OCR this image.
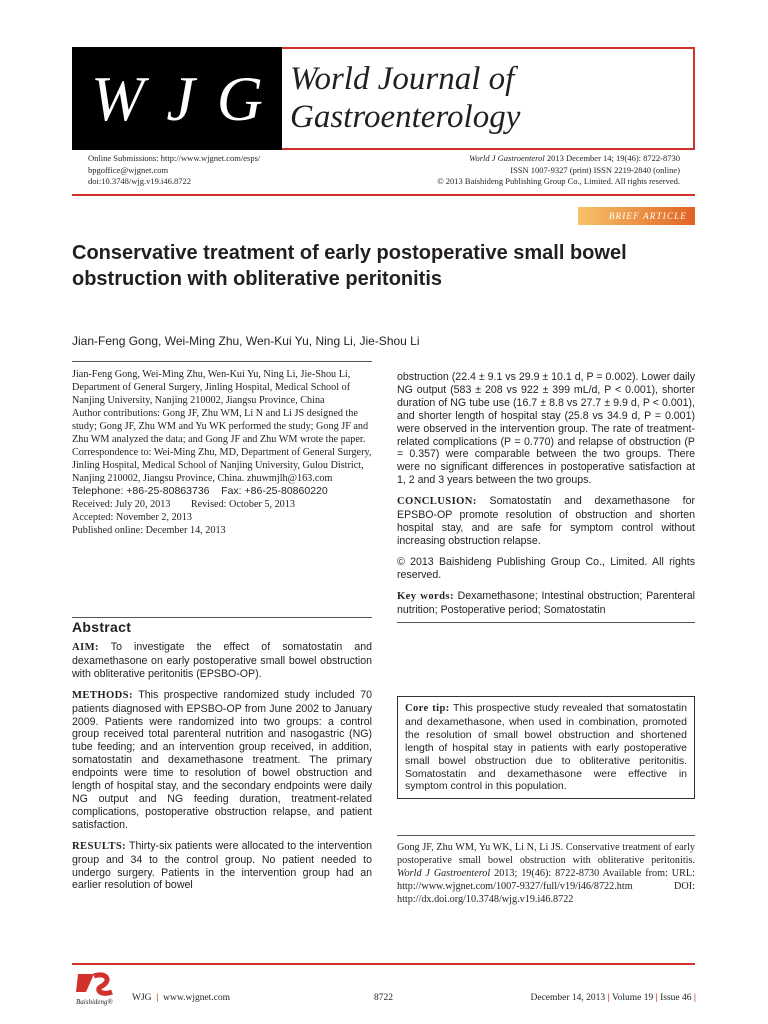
W J G World Journal of
Gastroenterology
Online Submissions: http://www.wjgnet.com/esps/
bpgoffice@wjgnet.com
doi:10.3748/wjg.v19.i46.8722
World J Gastroenterol 2013 December 14; 19(46): 8722-8730
ISSN 1007-9327 (print) ISSN 2219-2840 (online)
© 2013 Baishideng Publishing Group Co., Limited. All rights reserved.
BRIEF ARTICLE
Conservative treatment of early postoperative small bowel obstruction with obliterative peritonitis
Jian-Feng Gong, Wei-Ming Zhu, Wen-Kui Yu, Ning Li, Jie-Shou Li

Jian-Feng Gong, Wei-Ming Zhu, Wen-Kui Yu, Ning Li, Jie-Shou Li, Department of General Surgery, Jinling Hospital, Medical School of Nanjing University, Nanjing 210002, Jiangsu Province, China

Author contributions: Gong JF, Zhu WM, Li N and Li JS designed the study; Gong JF, Zhu WM and Yu WK performed the study; Gong JF and Zhu WM analyzed the data; and Gong JF and Zhu WM wrote the paper.

Correspondence to: Wei-Ming Zhu, MD, Department of General Surgery, Jinling Hospital, Medical School of Nanjing University, Gulou District, Nanjing 210002, Jiangsu Province, China. zhuwmjlh@163.com

Telephone: +86-25-80863736 Fax: +86-25-80860220

Received: July 20, 2013 Revised: October 5, 2013

Accepted: November 2, 2013

Published online: December 14, 2013

Abstract

AIM: To investigate the effect of somatostatin and dexamethasone on early postoperative small bowel obstruction with obliterative peritonitis (EPSBO-OP).

METHODS: This prospective randomized study included 70 patients diagnosed with EPSBO-OP from June 2002 to January 2009. Patients were randomized into two groups: a control group received total parenteral nutrition and nasogastric (NG) tube feeding; and an intervention group received, in addition, somatostatin and dexamethasone treatment. The primary endpoints were time to resolution of bowel obstruction and length of hospital stay, and the secondary endpoints were daily NG output and NG feeding duration, treatment-related complications, postoperative obstruction relapse, and patient satisfaction.

RESULTS: Thirty-six patients were allocated to the intervention group and 34 to the control group. No patient needed to undergo surgery. Patients in the intervention group had an earlier resolution of bowel

obstruction (22.4 ± 9.1 vs 29.9 ± 10.1 d, P = 0.002). Lower daily NG output (583 ± 208 vs 922 ± 399 mL/d, P < 0.001), shorter duration of NG tube use (16.7 ± 8.8 vs 27.7 ± 9.9 d, P < 0.001), and shorter length of hospital stay (25.8 vs 34.9 d, P = 0.001) were observed in the intervention group. The rate of treatment-related complications (P = 0.770) and relapse of obstruction (P = 0.357) were comparable between the two groups. There were no significant differences in postoperative satisfaction at 1, 2 and 3 years between the two groups.

CONCLUSION: Somatostatin and dexamethasone for EPSBO-OP promote resolution of obstruction and shorten hospital stay, and are safe for symptom control without increasing obstruction relapse.

© 2013 Baishideng Publishing Group Co., Limited. All rights reserved.

Key words: Dexamethasone; Intestinal obstruction; Parenteral nutrition; Postoperative period; Somatostatin

Core tip: This prospective study revealed that somatostatin and dexamethasone, when used in combination, promoted the resolution of small bowel obstruction and shortened length of hospital stay in patients with early postoperative small bowel obstruction due to obliterative peritonitis. Somatostatin and dexamethasone were effective in symptom control in this population.
Gong JF, Zhu WM, Yu WK, Li N, Li JS. Conservative treatment of early postoperative small bowel obstruction with obliterative peritonitis. World J Gastroenterol 2013; 19(46): 8722-8730 Available from: URL: http://www.wjgnet.com/1007-9327/full/v19/i46/8722.htm DOI: http://dx.doi.org/10.3748/wjg.v19.i46.8722
Baishideng® WJG | www.wjgnet.com	8722	December 14, 2013 | Volume 19 | Issue 46 |
